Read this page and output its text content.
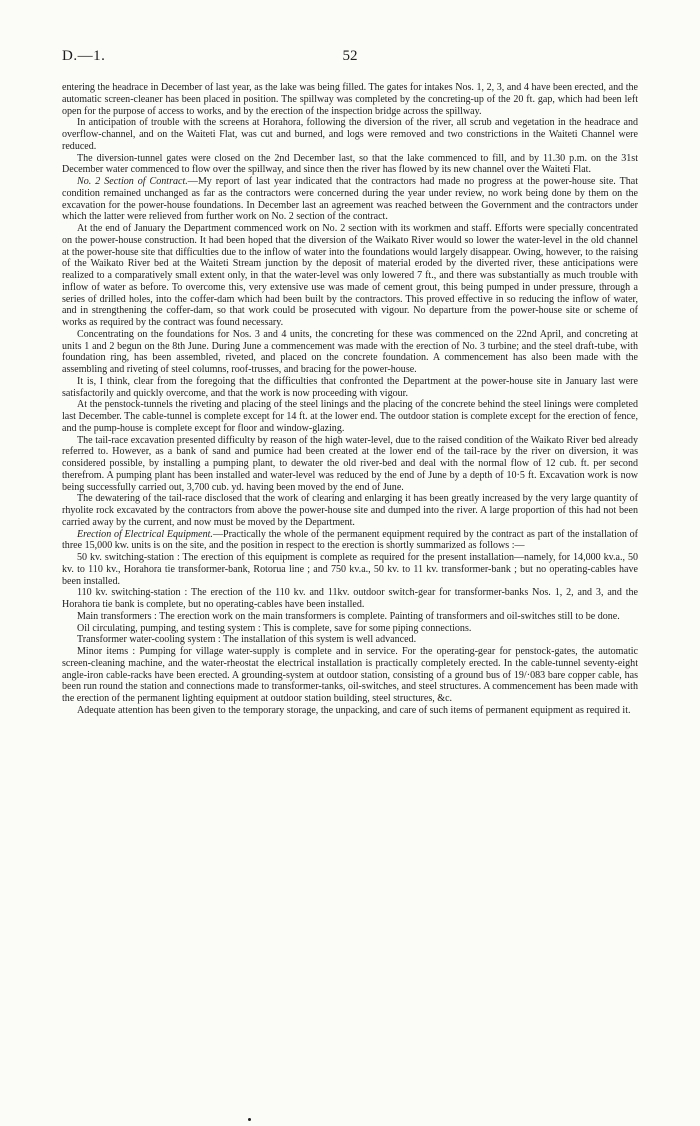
D.—1.	52

entering the headrace in December of last year, as the lake was being filled. The gates for intakes Nos. 1, 2, 3, and 4 have been erected, and the automatic screen-cleaner has been placed in position. The spillway was completed by the concreting-up of the 20 ft. gap, which had been left open for the purpose of access to works, and by the erection of the inspection bridge across the spillway.

In anticipation of trouble with the screens at Horahora, following the diversion of the river, all scrub and vegetation in the headrace and overflow-channel, and on the Waiteti Flat, was cut and burned, and logs were removed and two constrictions in the Waiteti Channel were reduced.

The diversion-tunnel gates were closed on the 2nd December last, so that the lake commenced to fill, and by 11.30 p.m. on the 31st December water commenced to flow over the spillway, and since then the river has flowed by its new channel over the Waiteti Flat.

No. 2 Section of Contract.—My report of last year indicated that the contractors had made no progress at the power-house site. That condition remained unchanged as far as the contractors were concerned during the year under review, no work being done by them on the excavation for the power-house foundations. In December last an agreement was reached between the Government and the contractors under which the latter were relieved from further work on No. 2 section of the contract.

At the end of January the Department commenced work on No. 2 section with its workmen and staff. Efforts were specially concentrated on the power-house construction. It had been hoped that the diversion of the Waikato River would so lower the water-level in the old channel at the power-house site that difficulties due to the inflow of water into the foundations would largely disappear. Owing, however, to the raising of the Waikato River bed at the Waiteti Stream junction by the deposit of material eroded by the diverted river, these anticipations were realized to a comparatively small extent only, in that the water-level was only lowered 7 ft., and there was substantially as much trouble with inflow of water as before. To overcome this, very extensive use was made of cement grout, this being pumped in under pressure, through a series of drilled holes, into the coffer-dam which had been built by the contractors. This proved effective in so reducing the inflow of water, and in strengthening the coffer-dam, so that work could be prosecuted with vigour. No departure from the power-house site or scheme of works as required by the contract was found necessary.

Concentrating on the foundations for Nos. 3 and 4 units, the concreting for these was commenced on the 22nd April, and concreting at units 1 and 2 begun on the 8th June. During June a commencement was made with the erection of No. 3 turbine; and the steel draft-tube, with foundation ring, has been assembled, riveted, and placed on the concrete foundation. A commencement has also been made with the assembling and riveting of steel columns, roof-trusses, and bracing for the power-house.

It is, I think, clear from the foregoing that the difficulties that confronted the Department at the power-house site in January last were satisfactorily and quickly overcome, and that the work is now proceeding with vigour.

At the penstock-tunnels the riveting and placing of the steel linings and the placing of the concrete behind the steel linings were completed last December. The cable-tunnel is complete except for 14 ft. at the lower end. The outdoor station is complete except for the erection of fence, and the pump-house is complete except for floor and window-glazing.

The tail-race excavation presented difficulty by reason of the high water-level, due to the raised condition of the Waikato River bed already referred to. However, as a bank of sand and pumice had been created at the lower end of the tail-race by the river on diversion, it was considered possible, by installing a pumping plant, to dewater the old river-bed and deal with the normal flow of 12 cub. ft. per second therefrom. A pumping plant has been installed and water-level was reduced by the end of June by a depth of 10·5 ft. Excavation work is now being successfully carried out, 3,700 cub. yd. having been moved by the end of June.

The dewatering of the tail-race disclosed that the work of clearing and enlarging it has been greatly increased by the very large quantity of rhyolite rock excavated by the contractors from above the power-house site and dumped into the river. A large proportion of this had not been carried away by the current, and now must be moved by the Department.

Erection of Electrical Equipment.—Practically the whole of the permanent equipment required by the contract as part of the installation of three 15,000 kw. units is on the site, and the position in respect to the erection is shortly summarized as follows :—

50 kv. switching-station : The erection of this equipment is complete as required for the present installation—namely, for 14,000 kv.a., 50 kv. to 110 kv., Horahora tie transformer-bank, Rotorua line ; and 750 kv.a., 50 kv. to 11 kv. transformer-bank ; but no operating-cables have been installed.

110 kv. switching-station : The erection of the 110 kv. and 11kv. outdoor switch-gear for transformer-banks Nos. 1, 2, and 3, and the Horahora tie bank is complete, but no operating-cables have been installed.

Main transformers : The erection work on the main transformers is complete. Painting of transformers and oil-switches still to be done.

Oil circulating, pumping, and testing system : This is complete, save for some piping connections.

Transformer water-cooling system : The installation of this system is well advanced.

Minor items : Pumping for village water-supply is complete and in service. For the operating-gear for penstock-gates, the automatic screen-cleaning machine, and the water-rheostat the electrical installation is practically completely erected. In the cable-tunnel seventy-eight angle-iron cable-racks have been erected. A grounding-system at outdoor station, consisting of a ground bus of 19/·083 bare copper cable, has been run round the station and connections made to transformer-tanks, oil-switches, and steel structures. A commencement has been made with the erection of the permanent lighting equipment at outdoor station building, steel structures, &c.

Adequate attention has been given to the temporary storage, the unpacking, and care of such items of permanent equipment as required it.
